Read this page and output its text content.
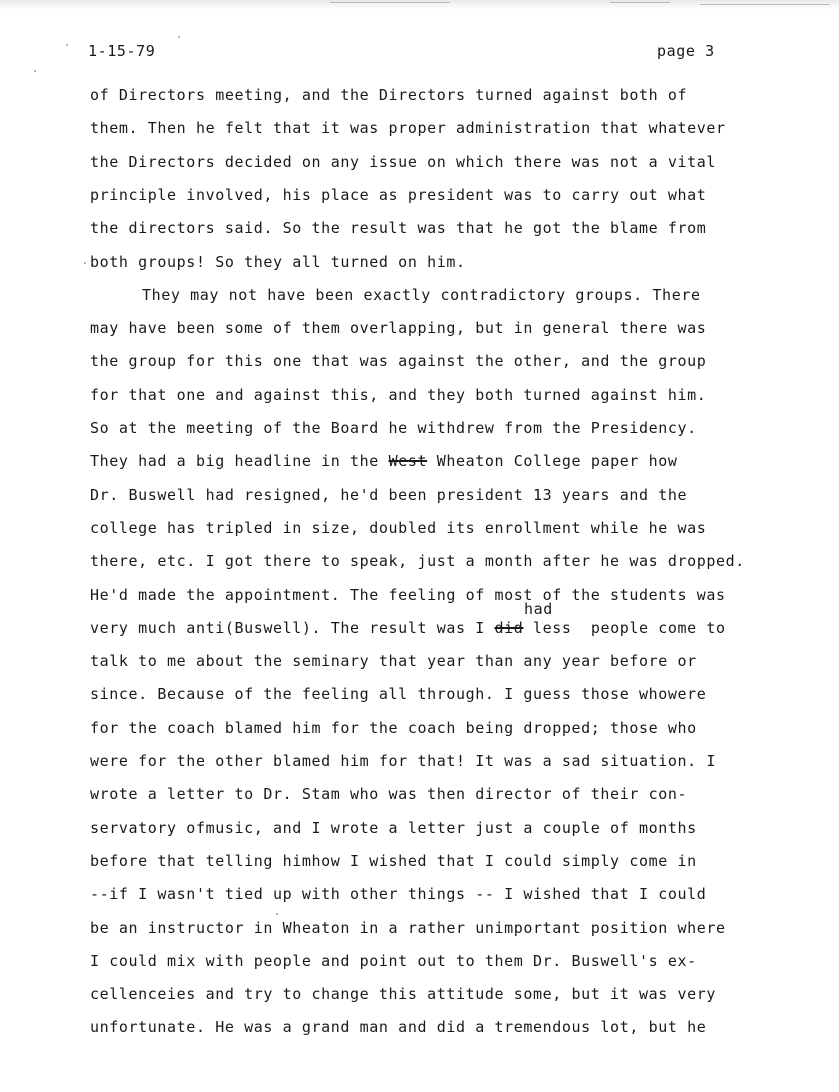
1-15-79	page 3
of Directors meeting, and the Directors turned against both of
them. Then he felt that it was proper administration that whatever
the Directors decided on any issue on which there was not a vital
principle involved, his place as president was to carry out what
the directors said. So the result was that he got the blame from
both groups! So they all turned on him.
They may not have been exactly contradictory groups. There
may have been some of them overlapping, but in general there was
the group for this one that was against the other, and the group
for that one and against this, and they both turned against him.
So at the meeting of the Board he withdrew from the Presidency.
They had a big headline in the West Wheaton College paper how
Dr. Buswell had resigned, he'd been president 13 years and the
college has tripled in size, doubled its enrollment while he was
there, etc. I got there to speak, just a month after he was dropped.
He'd made the appointment. The feeling of most of the students was
very much anti(Buswell). The result was I did less  people come to
talk to me about the seminary that year than any year before or
since. Because of the feeling all through. I guess those whowere
for the coach blamed him for the coach being dropped; those who
were for the other blamed him for that! It was a sad situation. I
wrote a letter to Dr. Stam who was then director of their con-
servatory ofmusic, and I wrote a letter just a couple of months
before that telling himhow I wished that I could simply come in
--if I wasn't tied up with other things -- I wished that I could
be an instructor in Wheaton in a rather unimportant position where
I could mix with people and point out to them Dr. Buswell's ex-
cellenceies and try to change this attitude some, but it was very
unfortunate. He was a grand man and did a tremendous lot, but he
had
